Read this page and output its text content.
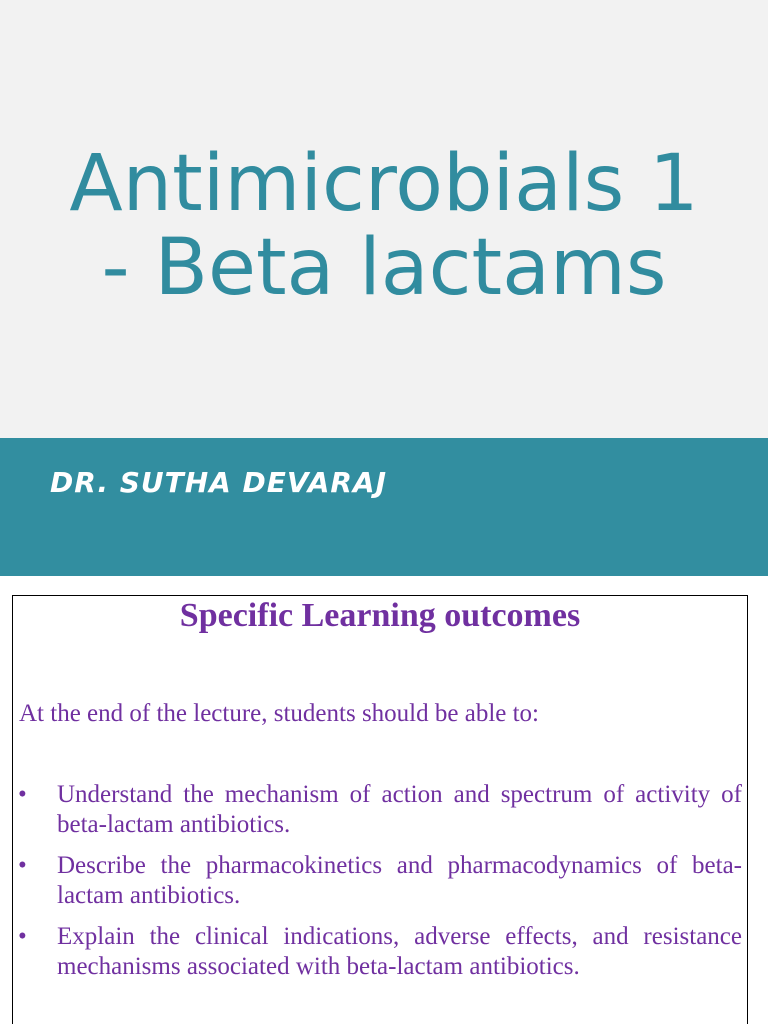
Antimicrobials 1
- Beta lactams
DR. SUTHA DEVARAJ
Specific Learning outcomes
At the end of the lecture, students should be able to:
• Understand the mechanism of action and spectrum of activity of beta-lactam antibiotics.
• Describe the pharmacokinetics and pharmacodynamics of beta-lactam antibiotics.
• Explain the clinical indications, adverse effects, and resistance mechanisms associated with beta-lactam antibiotics.
